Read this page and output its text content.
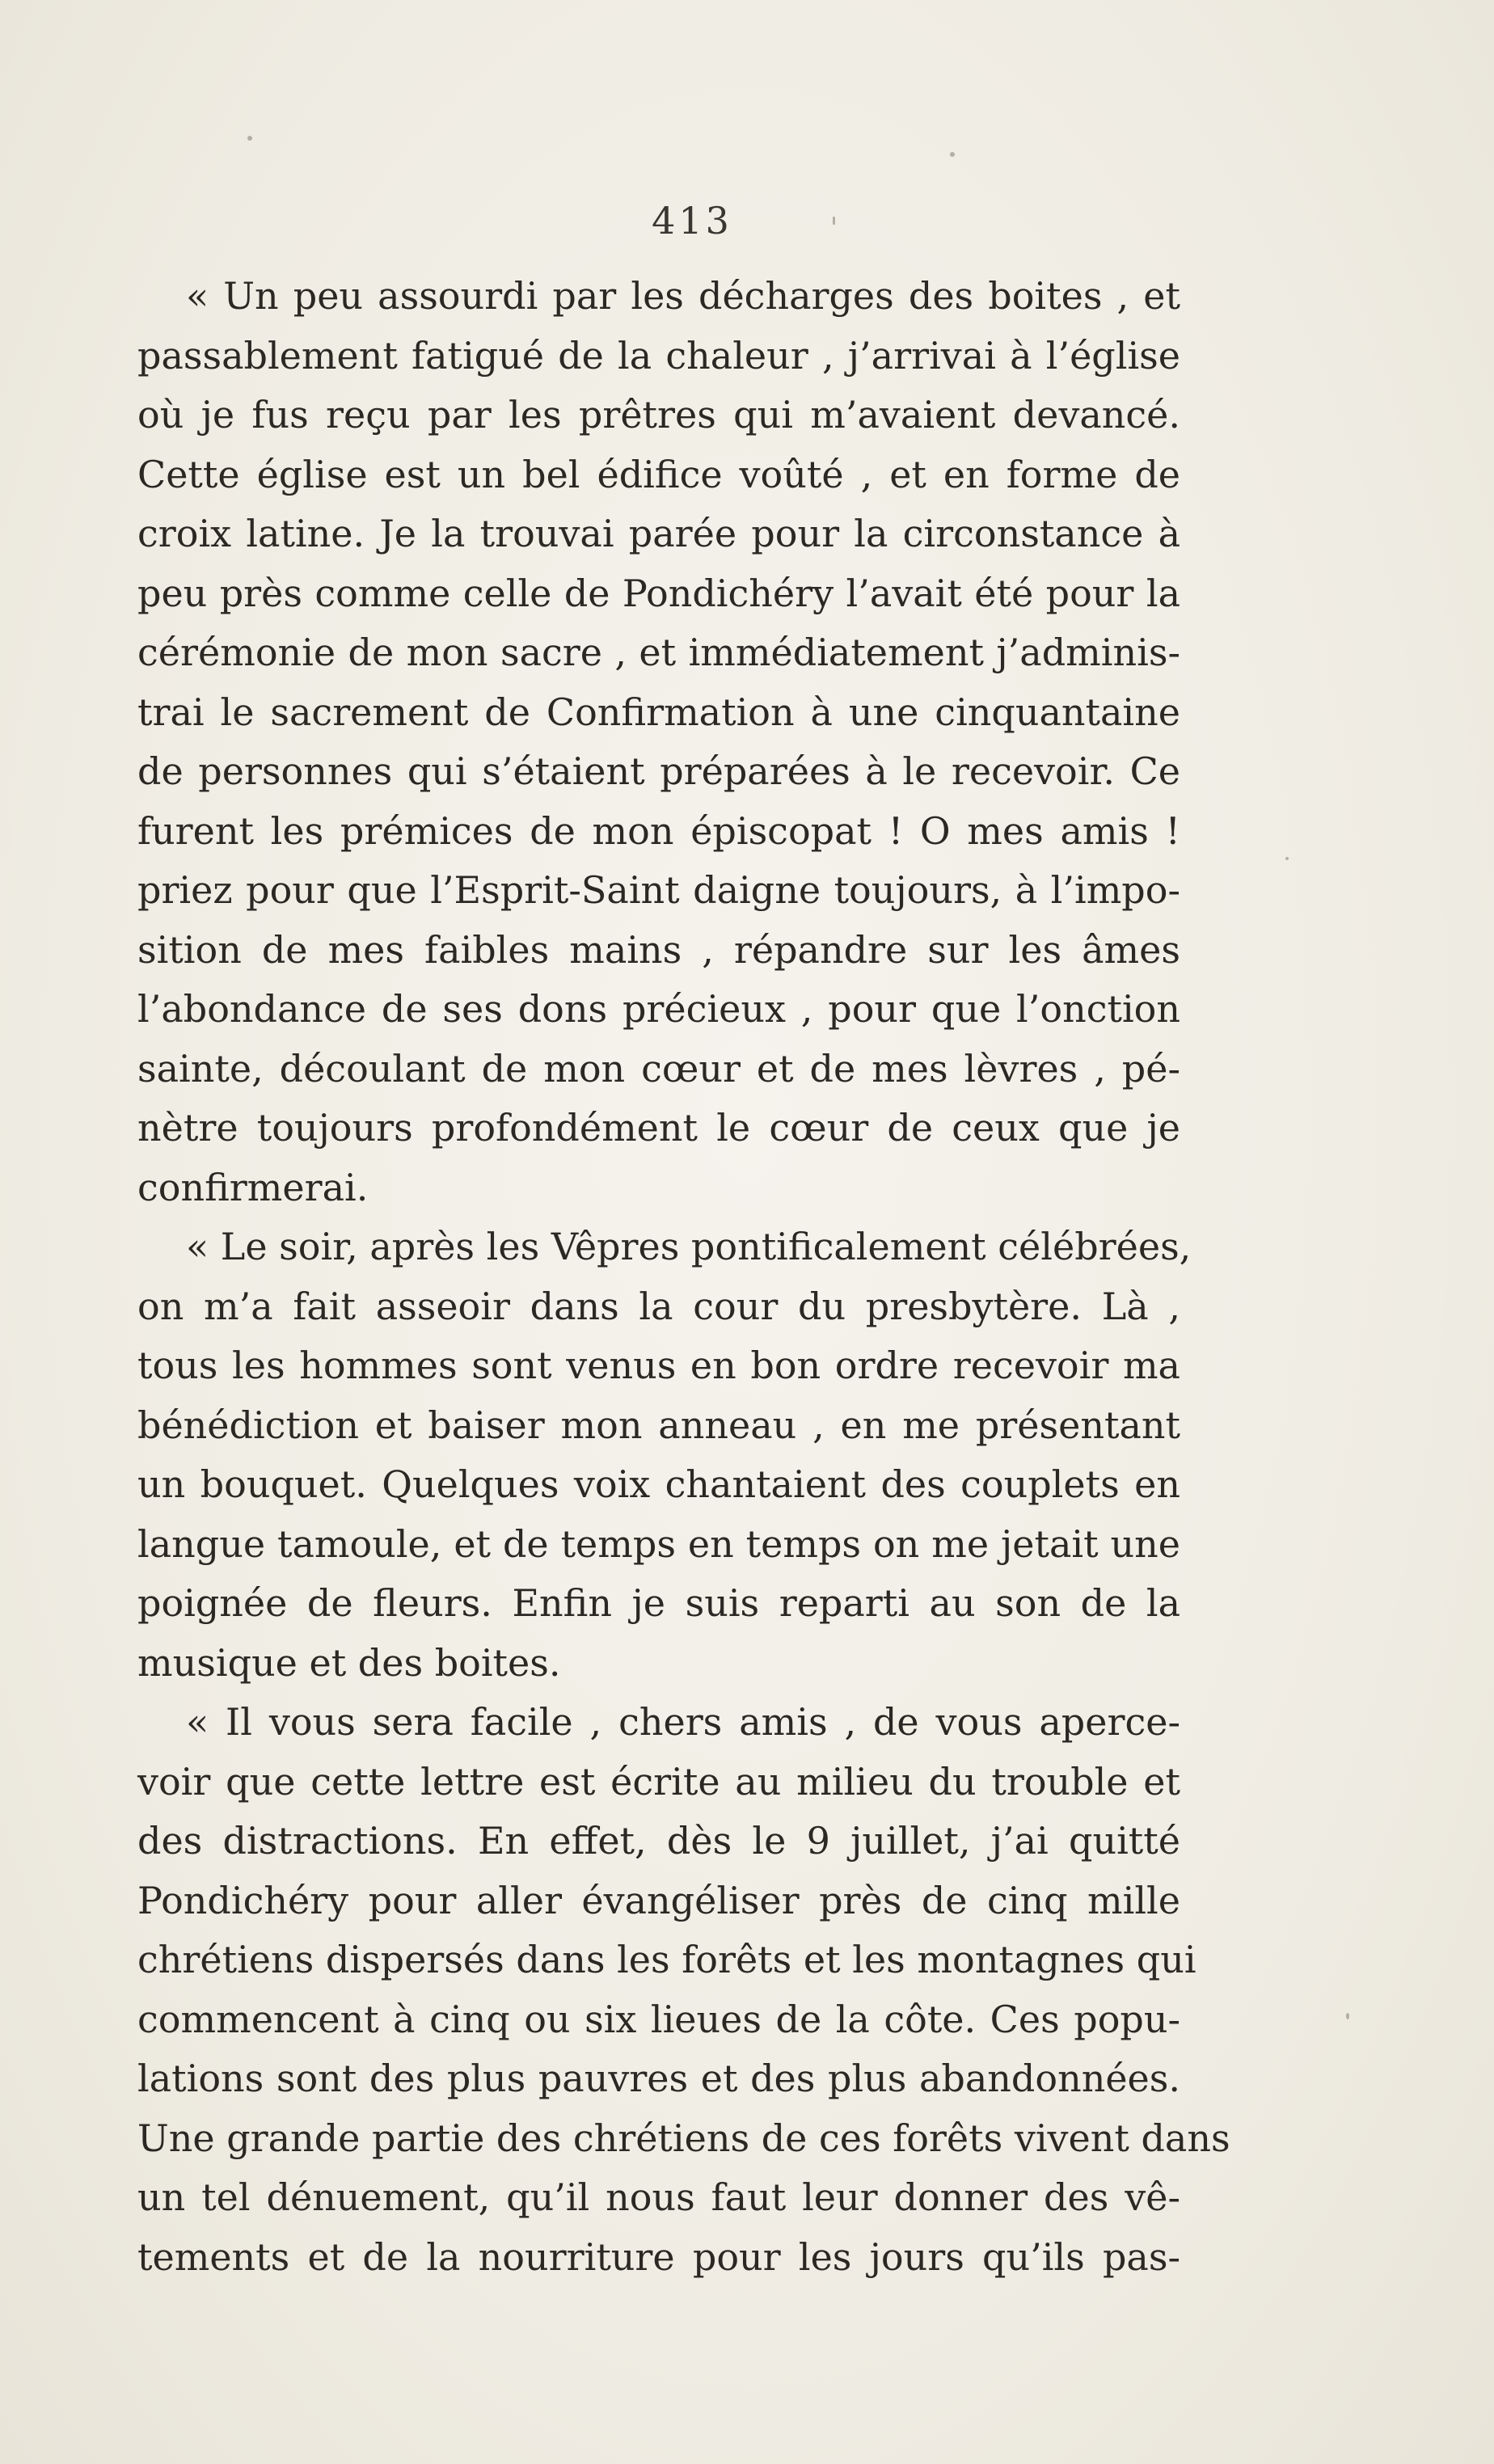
413

« Un peu assourdi par les décharges des boites , et
passablement fatigué de la chaleur , j’arrivai à l’église
où je fus reçu par les prêtres qui m’avaient devancé.
Cette église est un bel édifice voûté , et en forme de
croix latine. Je la trouvai parée pour la circonstance à
peu près comme celle de Pondichéry l’avait été pour la
cérémonie de mon sacre , et immédiatement j’adminis-
trai le sacrement de Confirmation à une cinquantaine
de personnes qui s’étaient préparées à le recevoir. Ce
furent les prémices de mon épiscopat ! O mes amis !
priez pour que l’Esprit-Saint daigne toujours, à l’impo-
sition de mes faibles mains , répandre sur les âmes
l’abondance de ses dons précieux , pour que l’onction
sainte, découlant de mon cœur et de mes lèvres , pé-
nètre toujours profondément le cœur de ceux que je
confirmerai.

« Le soir, après les Vêpres pontificalement célébrées,
on m’a fait asseoir dans la cour du presbytère. Là ,
tous les hommes sont venus en bon ordre recevoir ma
bénédiction et baiser mon anneau , en me présentant
un bouquet. Quelques voix chantaient des couplets en
langue tamoule, et de temps en temps on me jetait une
poignée de fleurs. Enfin je suis reparti au son de la
musique et des boites.

« Il vous sera facile , chers amis , de vous aperce-
voir que cette lettre est écrite au milieu du trouble et
des distractions. En effet, dès le 9 juillet, j’ai quitté
Pondichéry pour aller évangéliser près de cinq mille
chrétiens dispersés dans les forêts et les montagnes qui
commencent à cinq ou six lieues de la côte. Ces popu-
lations sont des plus pauvres et des plus abandonnées.
Une grande partie des chrétiens de ces forêts vivent dans
un tel dénuement, qu’il nous faut leur donner des vê-
tements et de la nourriture pour les jours qu’ils pas-
